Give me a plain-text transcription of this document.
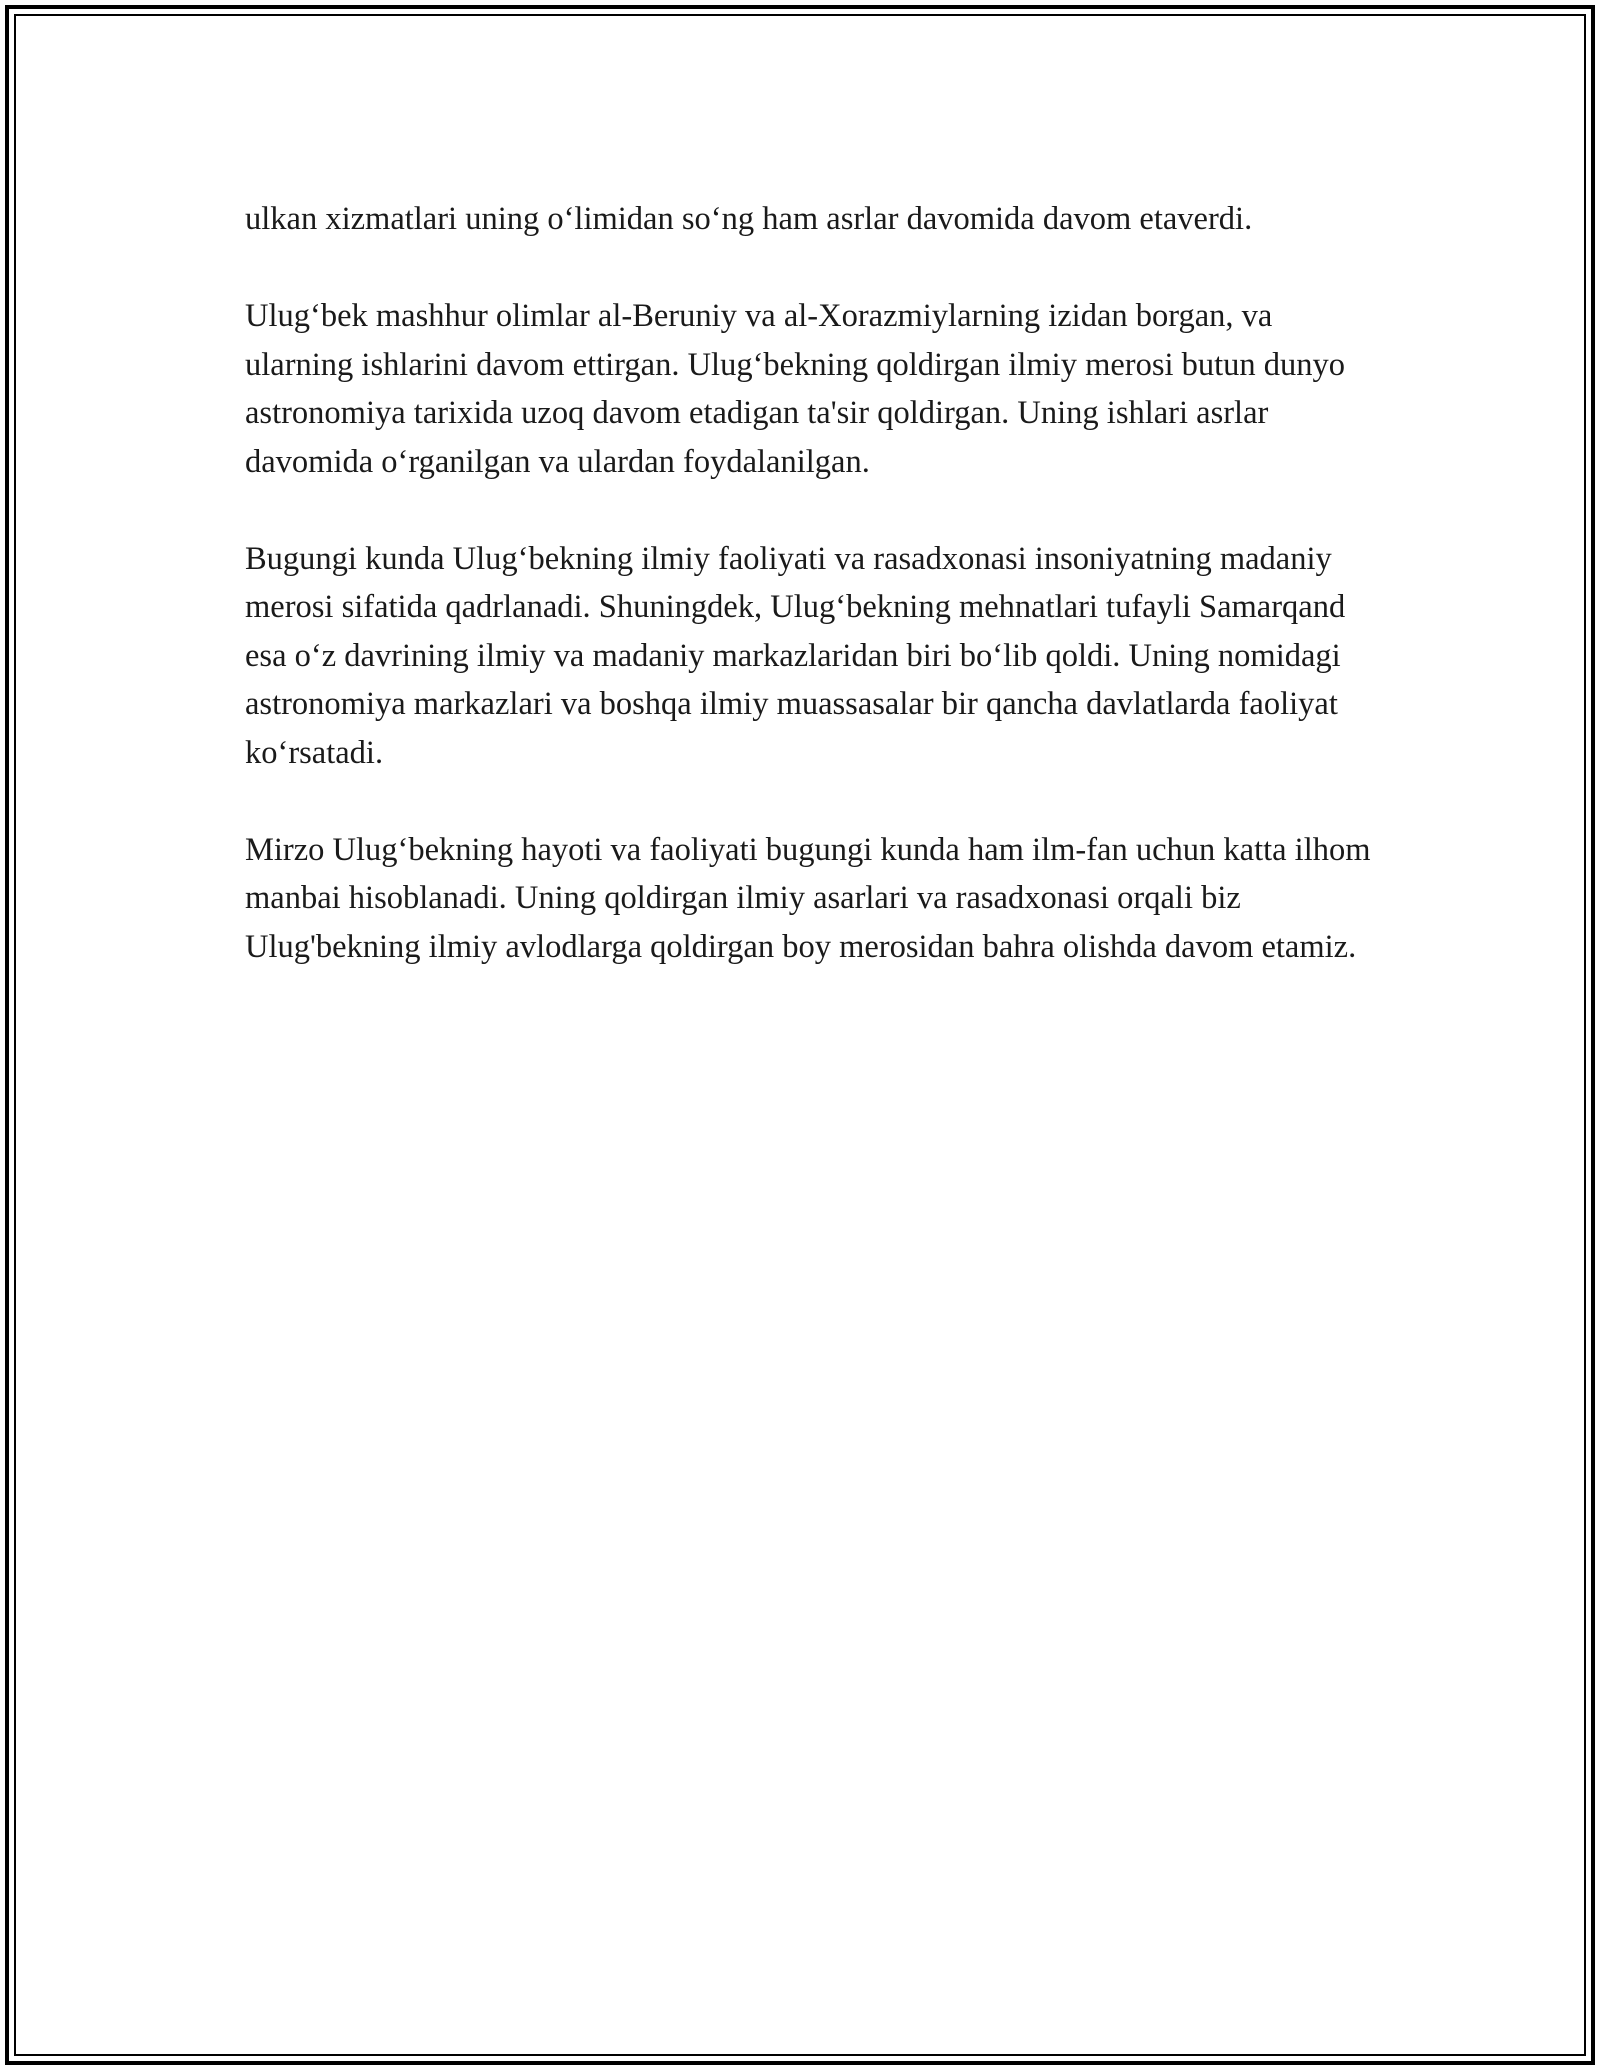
ulkan xizmatlari uning o‘limidan so‘ng ham asrlar davomida davom etaverdi.

Ulug‘bek mashhur olimlar al-Beruniy va al-Xorazmiylarning izidan borgan, va ularning ishlarini davom ettirgan. Ulug‘bekning qoldirgan ilmiy merosi butun dunyo astronomiya tarixida uzoq davom etadigan ta'sir qoldirgan. Uning ishlari asrlar davomida o‘rganilgan va ulardan foydalanilgan.

Bugungi kunda Ulug‘bekning ilmiy faoliyati va rasadxonasi insoniyatning madaniy merosi sifatida qadrlanadi. Shuningdek, Ulug‘bekning mehnatlari tufayli Samarqand esa o‘z davrining ilmiy va madaniy markazlaridan biri bo‘lib qoldi. Uning nomidagi astronomiya markazlari va boshqa ilmiy muassasalar bir qancha davlatlarda faoliyat ko‘rsatadi.

Mirzo Ulug‘bekning hayoti va faoliyati bugungi kunda ham ilm-fan uchun katta ilhom manbai hisoblanadi. Uning qoldirgan ilmiy asarlari va rasadxonasi orqali biz Ulug'bekning ilmiy avlodlarga qoldirgan boy merosidan bahra olishda davom etamiz.
